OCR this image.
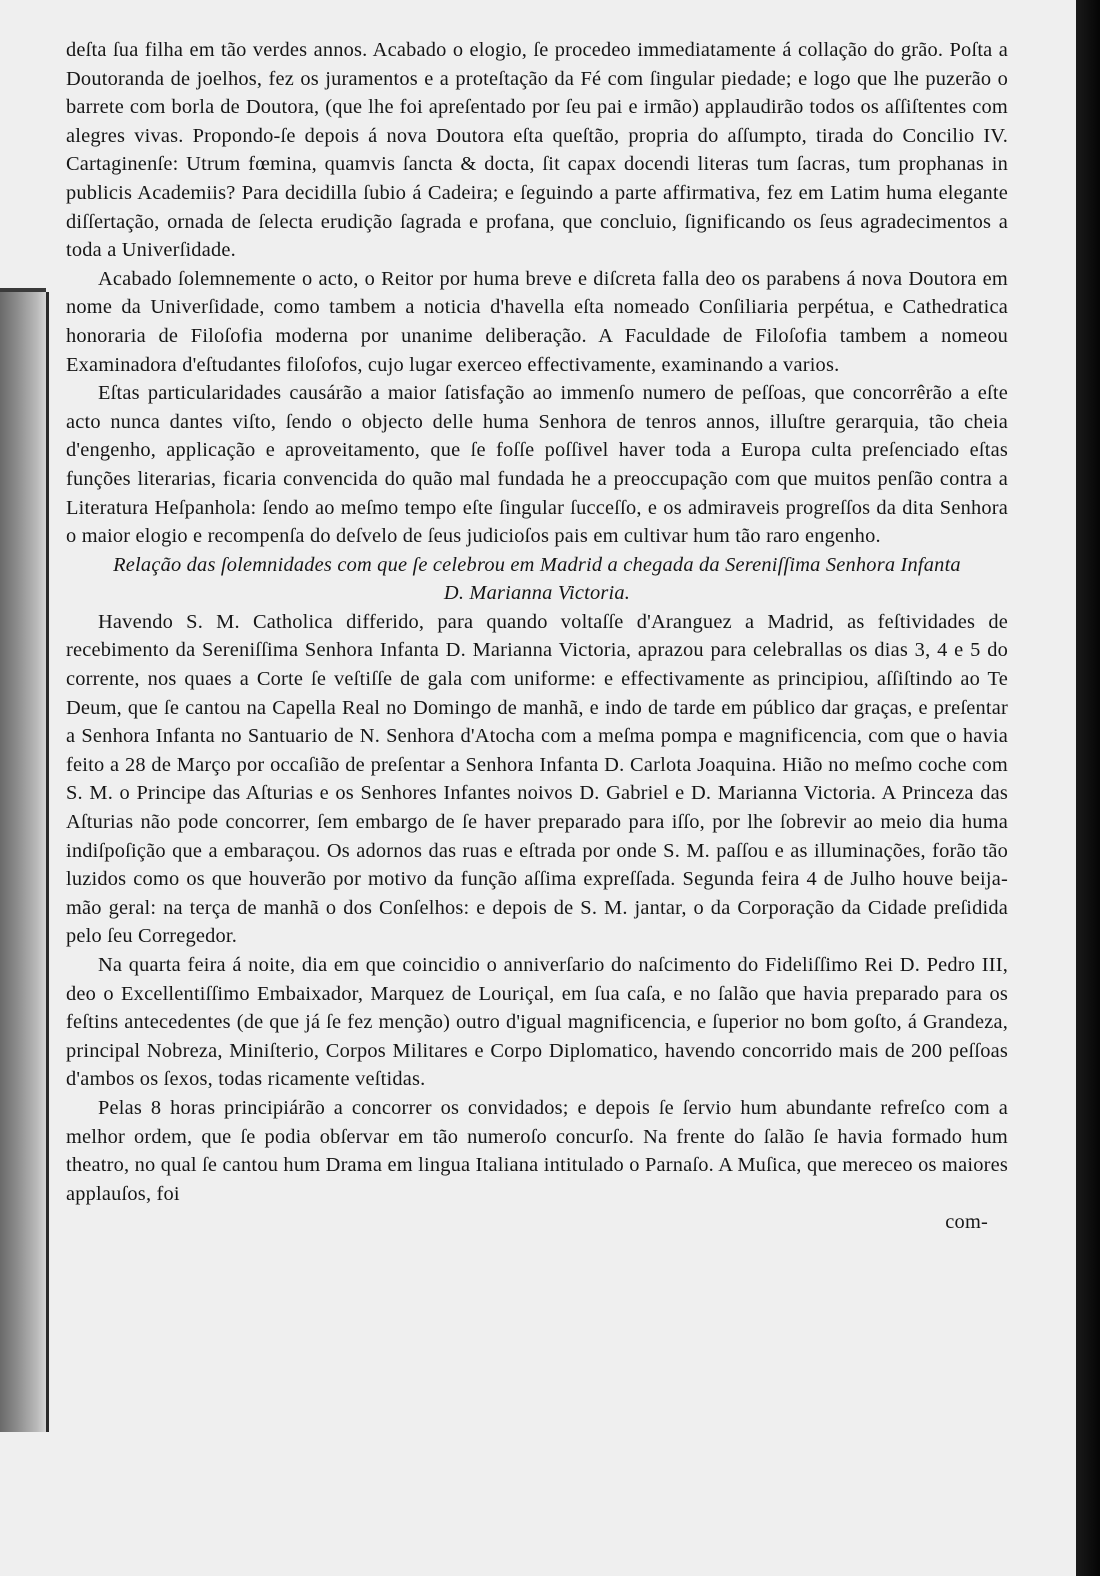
deſta ſua filha em tão verdes annos. Acabado o elogio, ſe procedeo immediatamente á collação do grão. Poſta a Doutoranda de joelhos, fez os juramentos e a proteſtação da Fé com ſingular piedade; e logo que lhe puzerão o barrete com borla de Doutora, (que lhe foi apreſentado por ſeu pai e irmão) applaudirão todos os aſſiſtentes com alegres vivas. Propondo-ſe depois á nova Doutora eſta queſtão, propria do aſſumpto, tirada do Concilio IV. Cartaginenſe: Utrum fœmina, quamvis ſancta & docta, ſit capax docendi literas tum ſacras, tum prophanas in publicis Academiis? Para decidilla ſubio á Cadeira; e ſeguindo a parte affirmativa, fez em Latim huma elegante diſſertação, ornada de ſelecta erudição ſagrada e profana, que concluio, ſignificando os ſeus agradecimentos a toda a Univerſidade.

Acabado ſolemnemente o acto, o Reitor por huma breve e diſcreta falla deo os parabens á nova Doutora em nome da Univerſidade, como tambem a noticia d'havella eſta nomeado Conſiliaria perpétua, e Cathedratica honoraria de Filoſofia moderna por unanime deliberação. A Faculdade de Filoſofia tambem a nomeou Examinadora d'eſtudantes filoſofos, cujo lugar exerceo effectivamente, examinando a varios.

Eſtas particularidades causárão a maior ſatisfação ao immenſo numero de peſſoas, que concorrêrão a eſte acto nunca dantes viſto, ſendo o objecto delle huma Senhora de tenros annos, illuſtre gerarquia, tão cheia d'engenho, applicação e aproveitamento, que ſe foſſe poſſivel haver toda a Europa culta preſenciado eſtas funções literarias, ficaria convencida do quão mal fundada he a preoccupação com que muitos penſão contra a Literatura Heſpanhola: ſendo ao meſmo tempo eſte ſingular ſucceſſo, e os admiraveis progreſſos da dita Senhora o maior elogio e recompenſa do deſvelo de ſeus judicioſos pais em cultivar hum tão raro engenho.

Relação das ſolemnidades com que ſe celebrou em Madrid a chegada da Sereniſſima Senhora Infanta D. Marianna Victoria.

Havendo S. M. Catholica differido, para quando voltaſſe d'Aranguez a Madrid, as feſtividades de recebimento da Sereniſſima Senhora Infanta D. Marianna Victoria, aprazou para celebrallas os dias 3, 4 e 5 do corrente, nos quaes a Corte ſe veſtiſſe de gala com uniforme: e effectivamente as principiou, aſſiſtindo ao Te Deum, que ſe cantou na Capella Real no Domingo de manhã, e indo de tarde em público dar graças, e preſentar a Senhora Infanta no Santuario de N. Senhora d'Atocha com a meſma pompa e magnificencia, com que o havia feito a 28 de Março por occaſião de preſentar a Senhora Infanta D. Carlota Joaquina. Hião no meſmo coche com S. M. o Principe das Aſturias e os Senhores Infantes noivos D. Gabriel e D. Marianna Victoria. A Princeza das Aſturias não pode concorrer, ſem embargo de ſe haver preparado para iſſo, por lhe ſobrevir ao meio dia huma indiſpoſição que a embaraçou. Os adornos das ruas e eſtrada por onde S. M. paſſou e as illuminações, forão tão luzidos como os que houverão por motivo da função aſſima expreſſada. Segunda feira 4 de Julho houve beija-mão geral: na terça de manhã o dos Conſelhos: e depois de S. M. jantar, o da Corporação da Cidade preſidida pelo ſeu Corregedor.

Na quarta feira á noite, dia em que coincidio o anniverſario do naſcimento do Fideliſſimo Rei D. Pedro III, deo o Excellentiſſimo Embaixador, Marquez de Louriçal, em ſua caſa, e no ſalão que havia preparado para os feſtins antecedentes (de que já ſe fez menção) outro d'igual magnificencia, e ſuperior no bom goſto, á Grandeza, principal Nobreza, Miniſterio, Corpos Militares e Corpo Diplomatico, havendo concorrido mais de 200 peſſoas d'ambos os ſexos, todas ricamente veſtidas.

Pelas 8 horas principiárão a concorrer os convidados; e depois ſe ſervio hum abundante refreſco com a melhor ordem, que ſe podia obſervar em tão numeroſo concurſo. Na frente do ſalão ſe havia formado hum theatro, no qual ſe cantou hum Drama em lingua Italiana intitulado o Parnaſo. A Muſica, que mereceo os maiores applauſos, foi

com-
